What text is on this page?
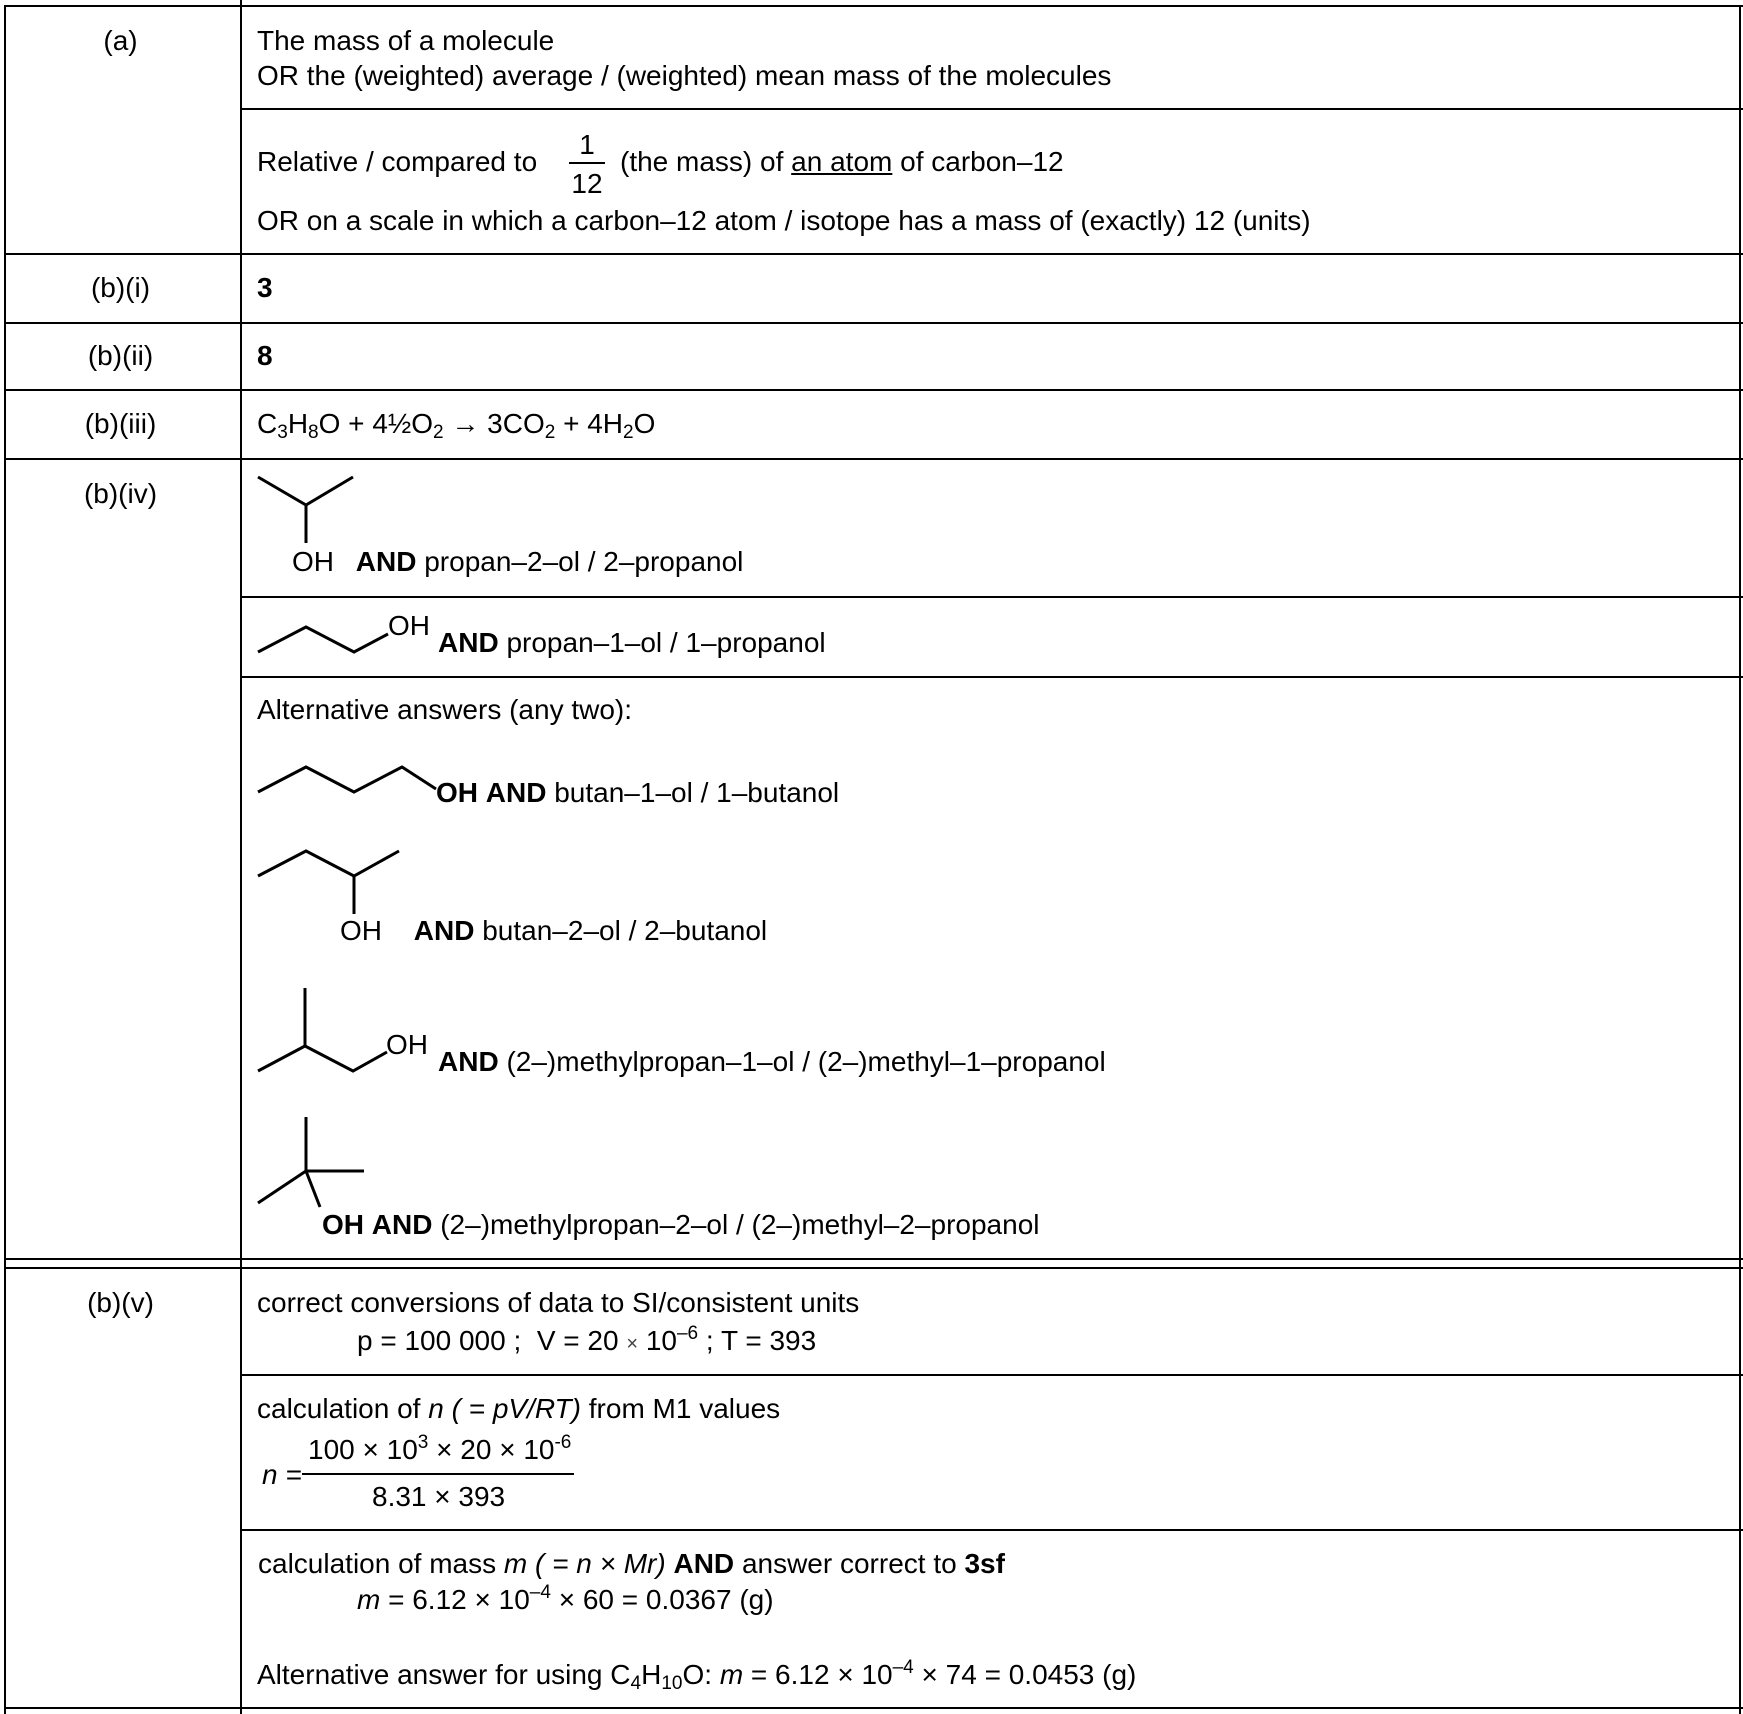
(a)	The mass of a molecule
OR the (weighted) average / (weighted) mean mass of the molecules
Relative / compared to
1
12
(the mass) of an atom of carbon–12
OR on a scale in which a carbon–12 atom / isotope has a mass of (exactly) 12 (units)
(b)(i)	3
(b)(ii)	8
(b)(iii)	$C_3H_8O$ + $4\frac{1}{2}O_2 \to 3CO_2 + 4H_2O$
(b)(iv)
OH AND propan–2–ol / 2–propanol
OH
AND propan–1–ol / 1–propanol
Alternative answers (any two):
OH AND butan–1–ol / 1–butanol
OH AND butan–2–ol / 2–butanol
OH
AND (2–)methylpropan–1–ol / (2–)methyl–1–propanol
OH AND (2–)methylpropan–2–ol / (2–)methyl–2–propanol
(b)(v)	correct conversions of data to SI/consistent units
p = 100 000 ; $V = 20 \times 10^{-6}$ ; T = 393
calculation of n ( = pV/RT) from M1 values
n =
$100 \times 10^3 \times 20 \times 10^{-6}$
8.31 × 393
calculation of mass m ( = n × Mr) AND answer correct to 3sf
$m = 6.12 \times 10^{-4} \times 60 = 0.0367$ (g)
Alternative answer for using $C_4H_{10}O$: $m = 6.12 \times 10^{-4} \times 74 = 0.0453$ (g)
